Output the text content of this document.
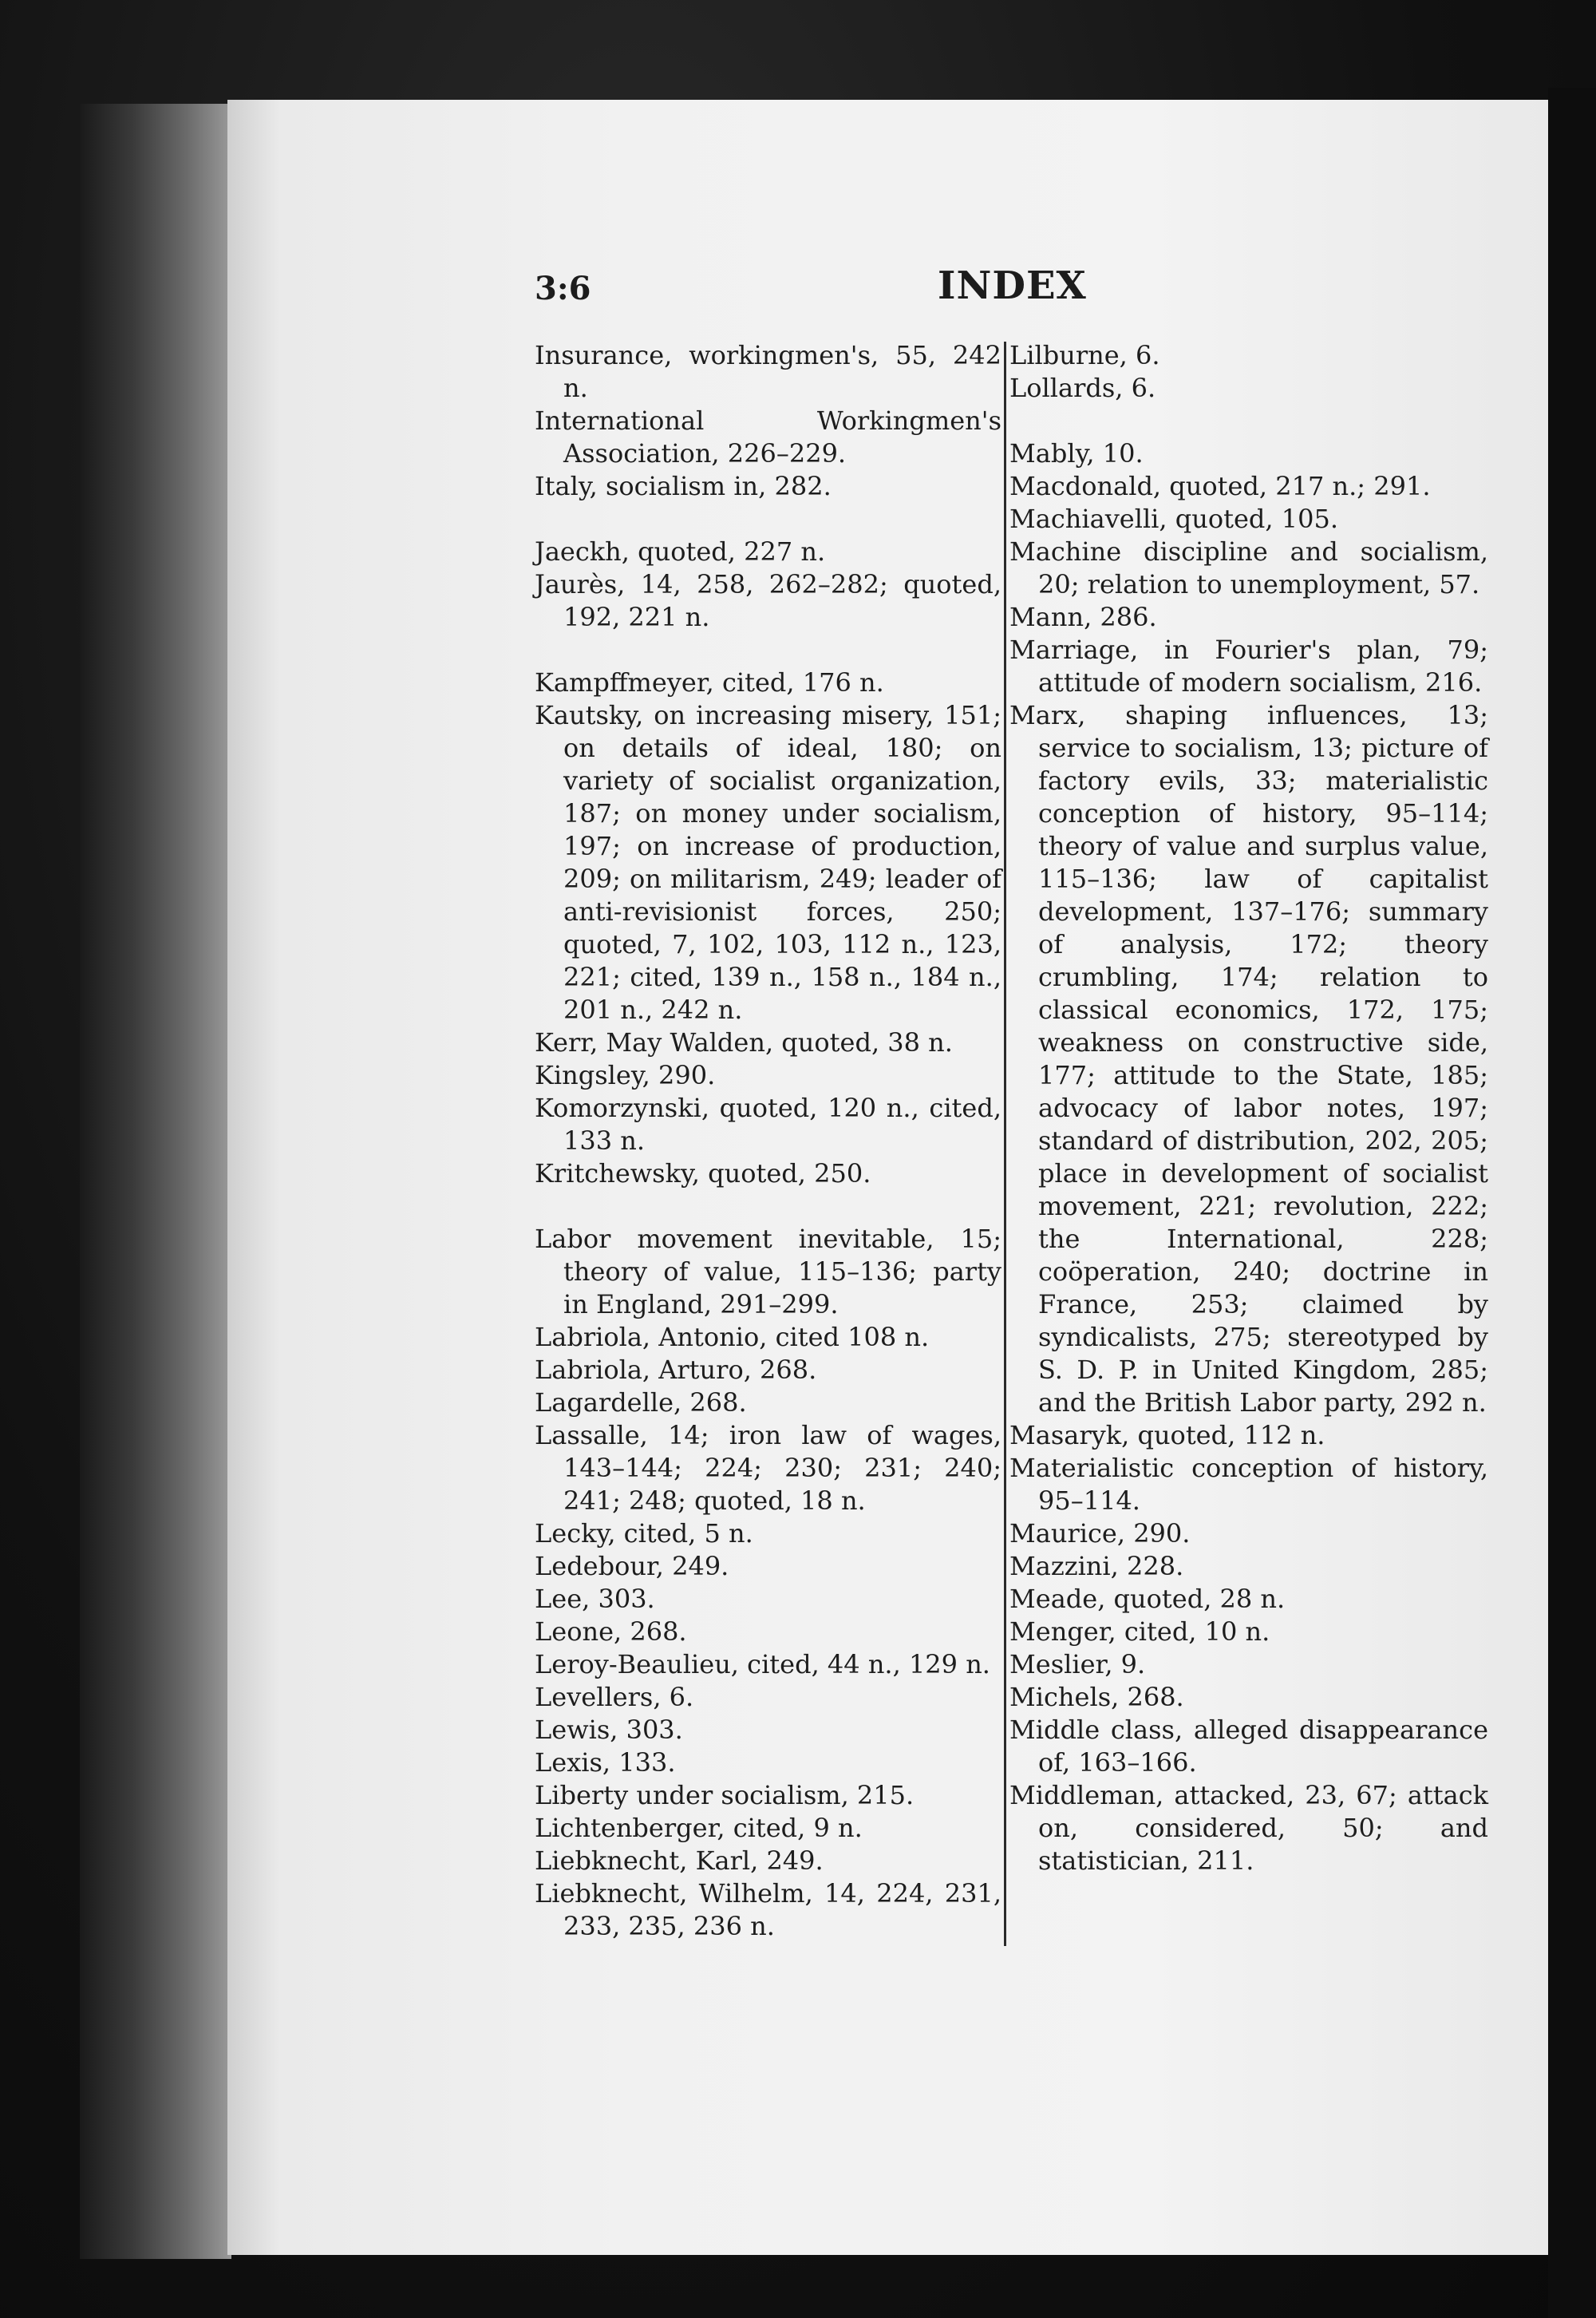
3:6	INDEX

Insurance, workingmen's, 55, 242 n.

International Workingmen's Association, 226–229.

Italy, socialism in, 282.

Jaeckh, quoted, 227 n.

Jaurès, 14, 258, 262–282; quoted, 192, 221 n.

Kampffmeyer, cited, 176 n.

Kautsky, on increasing misery, 151; on details of ideal, 180; on variety of socialist organization, 187; on money under socialism, 197; on increase of production, 209; on militarism, 249; leader of anti-revisionist forces, 250; quoted, 7, 102, 103, 112 n., 123, 221; cited, 139 n., 158 n., 184 n., 201 n., 242 n.

Kerr, May Walden, quoted, 38 n.

Kingsley, 290.

Komorzynski, quoted, 120 n., cited, 133 n.

Kritchewsky, quoted, 250.

Labor movement inevitable, 15; theory of value, 115–136; party in England, 291–299.

Labriola, Antonio, cited 108 n.

Labriola, Arturo, 268.

Lagardelle, 268.

Lassalle, 14; iron law of wages, 143–144; 224; 230; 231; 240; 241; 248; quoted, 18 n.

Lecky, cited, 5 n.

Ledebour, 249.

Lee, 303.

Leone, 268.

Leroy-Beaulieu, cited, 44 n., 129 n.

Levellers, 6.

Lewis, 303.

Lexis, 133.

Liberty under socialism, 215.

Lichtenberger, cited, 9 n.

Liebknecht, Karl, 249.

Liebknecht, Wilhelm, 14, 224, 231, 233, 235, 236 n.

Lilburne, 6.

Lollards, 6.

Mably, 10.

Macdonald, quoted, 217 n.; 291.

Machiavelli, quoted, 105.

Machine discipline and socialism, 20; relation to unemployment, 57.

Mann, 286.

Marriage, in Fourier's plan, 79; attitude of modern socialism, 216.

Marx, shaping influences, 13; service to socialism, 13; picture of factory evils, 33; materialistic conception of history, 95–114; theory of value and surplus value, 115–136; law of capitalist development, 137–176; summary of analysis, 172; theory crumbling, 174; relation to classical economics, 172, 175; weakness on constructive side, 177; attitude to the State, 185; advocacy of labor notes, 197; standard of distribution, 202, 205; place in development of socialist movement, 221; revolution, 222; the International, 228; coöperation, 240; doctrine in France, 253; claimed by syndicalists, 275; stereotyped by S. D. P. in United Kingdom, 285; and the British Labor party, 292 n.

Masaryk, quoted, 112 n.

Materialistic conception of history, 95–114.

Maurice, 290.

Mazzini, 228.

Meade, quoted, 28 n.

Menger, cited, 10 n.

Meslier, 9.

Michels, 268.

Middle class, alleged disappearance of, 163–166.

Middleman, attacked, 23, 67; attack on, considered, 50; and statistician, 211.
